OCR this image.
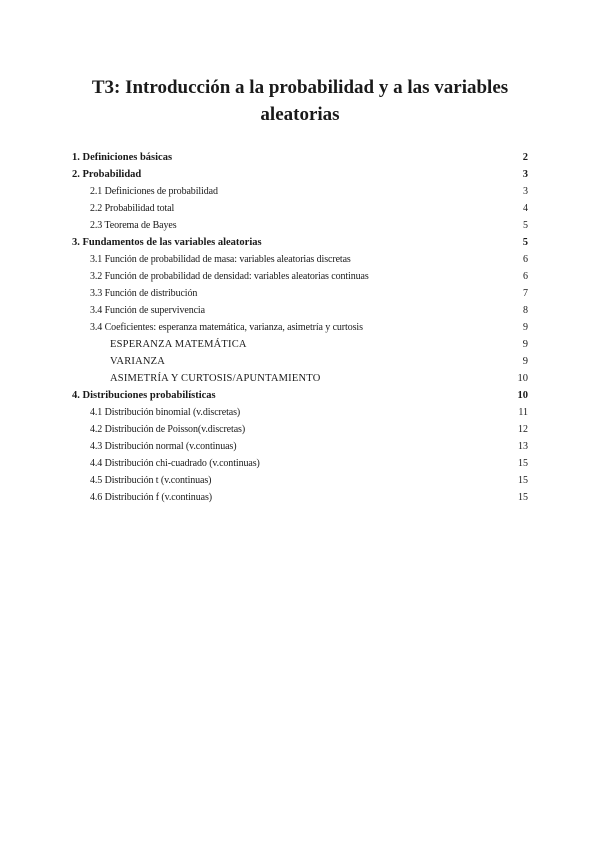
T3: Introducción a la probabilidad y a las variables aleatorias
1. Definiciones básicas	2
2. Probabilidad	3
2.1 Definiciones de probabilidad	3
2.2 Probabilidad total	4
2.3 Teorema de Bayes	5
3. Fundamentos de las variables aleatorias	5
3.1 Función de probabilidad de masa: variables aleatorias discretas	6
3.2 Función de probabilidad de densidad: variables aleatorias continuas	6
3.3 Función de distribución	7
3.4 Función de supervivencia	8
3.4 Coeficientes: esperanza matemática, varianza, asimetría y curtosis	9
ESPERANZA MATEMÁTICA	9
VARIANZA	9
ASIMETRÍA Y CURTOSIS/APUNTAMIENTO	10
4. Distribuciones probabilísticas	10
4.1 Distribución binomial (v.discretas)	11
4.2 Distribución de Poisson(v.discretas)	12
4.3 Distribución normal (v.continuas)	13
4.4 Distribución chi-cuadrado (v.continuas)	15
4.5 Distribución t (v.continuas)	15
4.6 Distribución f (v.continuas)	15
